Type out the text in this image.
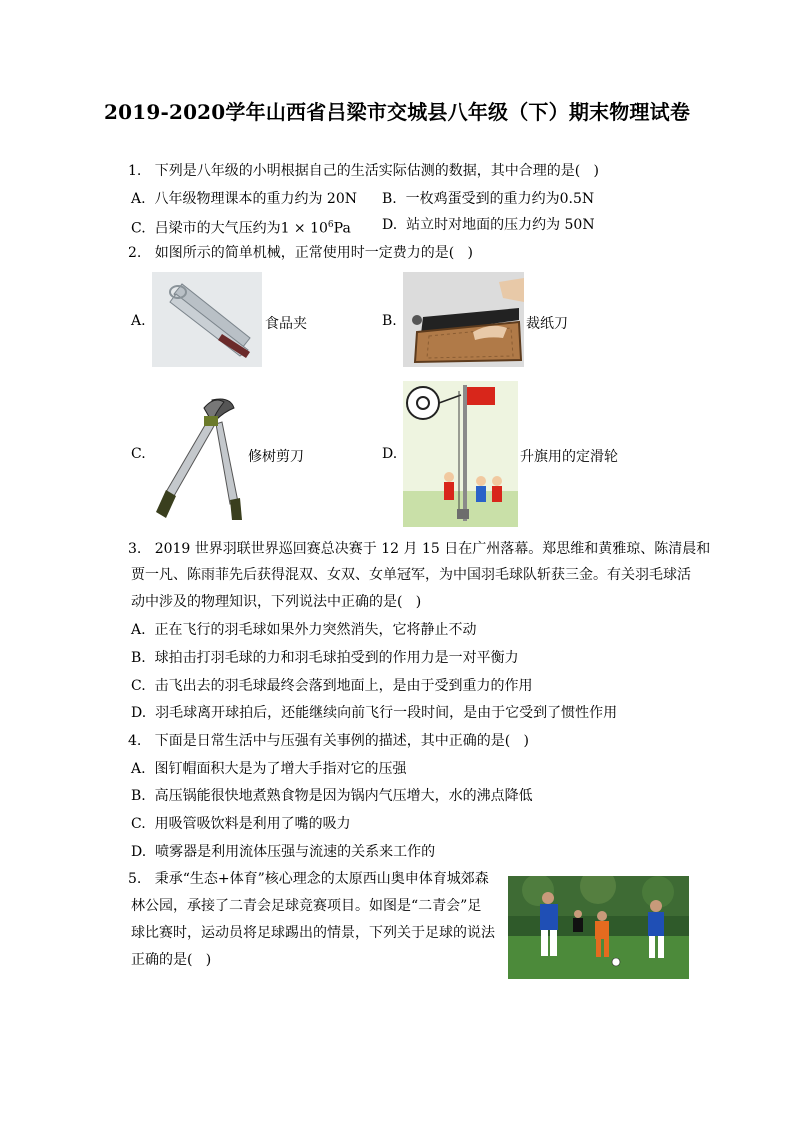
2019-2020学年山西省吕梁市交城县八年级（下）期末物理试卷
1.   下列是八年级的小明根据自己的生活实际估测的数据，其中合理的是(   )
A.  八年级物理课本的重力约为 20N B.  一枚鸡蛋受到的重力约为0.5N
C.  吕梁市的大气压约为$1 \times 10^6Pa$ D.  站立时对地面的压力约为 50N
2.   如图所示的简单机械，正常使用时一定费力的是(   )
A.	食品夹	B.	裁纸刀
C.	修树剪刀	D.	升旗用的定滑轮
3.   2019 世界羽联世界巡回赛总决赛于 12 月 15 日在广州落幕。郑思维和黄雅琼、陈清晨和
贾一凡、陈雨菲先后获得混双、女双、女单冠军，为中国羽毛球队斩获三金。有关羽毛球活
动中涉及的物理知识，下列说法中正确的是(   )
A.  正在飞行的羽毛球如果外力突然消失，它将静止不动
B.  球拍击打羽毛球的力和羽毛球拍受到的作用力是一对平衡力
C.  击飞出去的羽毛球最终会落到地面上，是由于受到重力的作用
D.  羽毛球离开球拍后，还能继续向前飞行一段时间，是由于它受到了惯性作用
4.   下面是日常生活中与压强有关事例的描述，其中正确的是(   )
A.  图钉帽面积大是为了增大手指对它的压强
B.  高压锅能很快地煮熟食物是因为锅内气压增大，水的沸点降低
C.  用吸管吸饮料是利用了嘴的吸力
D.  喷雾器是利用流体压强与流速的关系来工作的
5.   秉承“生态+体育”核心理念的太原西山奥申体育城郊森
林公园，承接了二青会足球竞赛项目。如图是“二青会”足
球比赛时，运动员将足球踢出的情景，下列关于足球的说法
正确的是(   )
